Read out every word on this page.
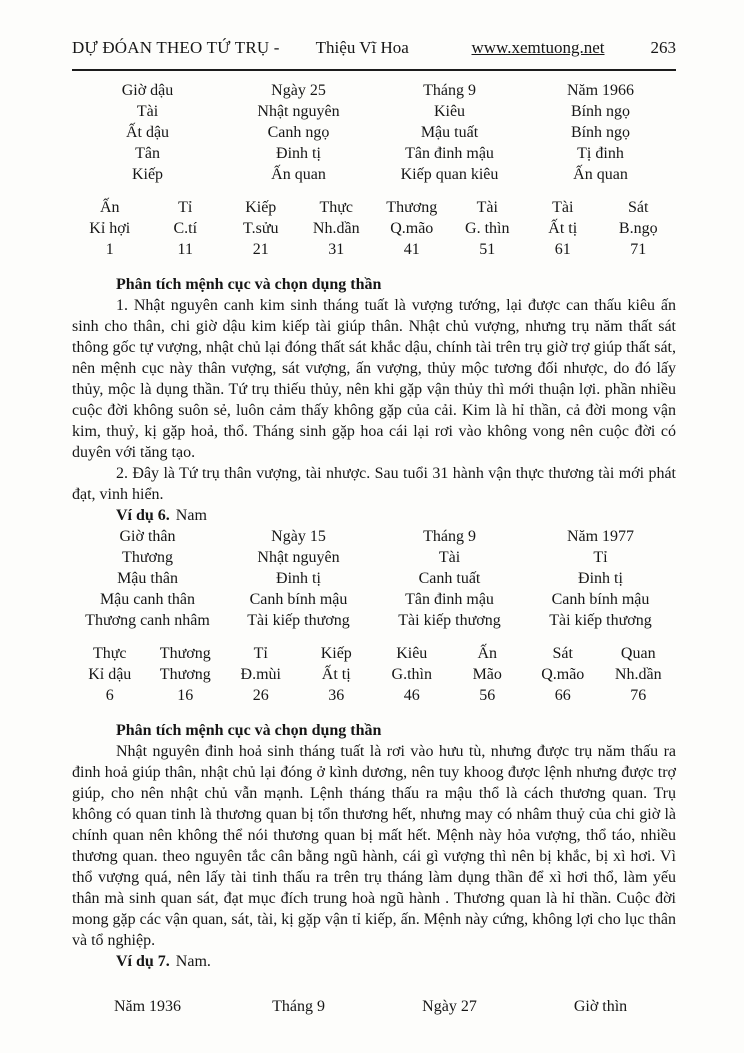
DỰ ĐÓAN THEO TỨ TRỤ - Thiệu Vĩ Hoa	www.xemtuong.net	263
Giờ dậu	Ngày 25	Tháng 9	Năm 1966
Tài	Nhật nguyên	Kiêu	Bính ngọ
Ất dậu	Canh ngọ	Mậu tuất	Bính ngọ
Tân	Đinh tị	Tân đinh mậu	Tị đinh
Kiếp	Ấn quan	Kiếp quan kiêu	Ấn quan
Ấn	Tỉ	Kiếp	Thực	Thương	Tài	Tài	Sát
Kỉ hợi	C.tí	T.sửu	Nh.dần	Q.mão	G. thìn	Ất tị	B.ngọ
1	11	21	31	41	51	61	71
Phân tích mệnh cục và chọn dụng thần

1. Nhật nguyên canh kim sinh tháng tuất là vượng tướng, lại được can thấu kiêu ấn sinh cho thân, chi giờ dậu kim kiếp tài giúp thân. Nhật chủ vượng, nhưng trụ năm thất sát thông gốc tự vượng, nhật chủ lại đóng thất sát khắc dậu, chính tài trên trụ giờ trợ giúp thất sát, nên mệnh cục này thân vượng, sát vượng, ấn vượng, thủy mộc tương đối nhược, do đó lấy thủy, mộc là dụng thần. Tứ trụ thiếu thủy, nên khi gặp vận thủy thì mới thuận lợi. phần nhiều cuộc đời không suôn sẻ, luôn cảm thấy không gặp của cải. Kim là hỉ thần, cả đời mong vận kim, thuỷ, kị gặp hoả, thổ. Tháng sinh gặp hoa cái lại rơi vào không vong nên cuộc đời có duyên với tăng tạo.

2. Đây là Tứ trụ thân vượng, tài nhược. Sau tuổi 31 hành vận thực thương tài mới phát đạt, vinh hiển.

Ví dụ 6. Nam

Giờ thân	Ngày 15	Tháng 9	Năm 1977
Thương	Nhật nguyên	Tài	Tỉ
Mậu thân	Đinh tị	Canh tuất	Đinh tị
Mậu canh thân	Canh bính mậu	Tân đinh mậu	Canh bính mậu
Thương canh nhâm	Tài kiếp thương	Tài kiếp thương	Tài kiếp thương
Thực	Thương	Tỉ	Kiếp	Kiêu	Ấn	Sát	Quan
Kỉ dậu	Thương	Đ.mùi	Ất tị	G.thìn	Mão	Q.mão	Nh.dần
6	16	26	36	46	56	66	76
Phân tích mệnh cục và chọn dụng thần

Nhật nguyên đinh hoả sinh tháng tuất là rơi vào hưu tù, nhưng được trụ năm thấu ra đinh hoả giúp thân, nhật chủ lại đóng ở kình dương, nên tuy khoog được lệnh nhưng được trợ giúp, cho nên nhật chủ vẫn mạnh. Lệnh tháng thấu ra mậu thổ là cách thương quan. Trụ không có quan tinh là thương quan bị tổn thương hết, nhưng may có nhâm thuỷ của chi giờ là chính quan nên không thể nói thương quan bị mất hết. Mệnh này hỏa vượng, thổ táo, nhiều thương quan. theo nguyên tắc cân bằng ngũ hành, cái gì vượng thì nên bị khắc, bị xì hơi. Vì thổ vượng quá, nên lấy tài tinh thấu ra trên trụ tháng làm dụng thần để xì hơi thổ, làm yếu thân mà sinh quan sát, đạt mục đích trung hoà ngũ hành . Thương quan là hỉ thần. Cuộc đời mong gặp các vận quan, sát, tài, kị gặp vận tỉ kiếp, ấn. Mệnh này cứng, không lợi cho lục thân và tổ nghiệp.

Ví dụ 7. Nam.

Năm 1936	Tháng 9	Ngày 27	Giờ thìn
